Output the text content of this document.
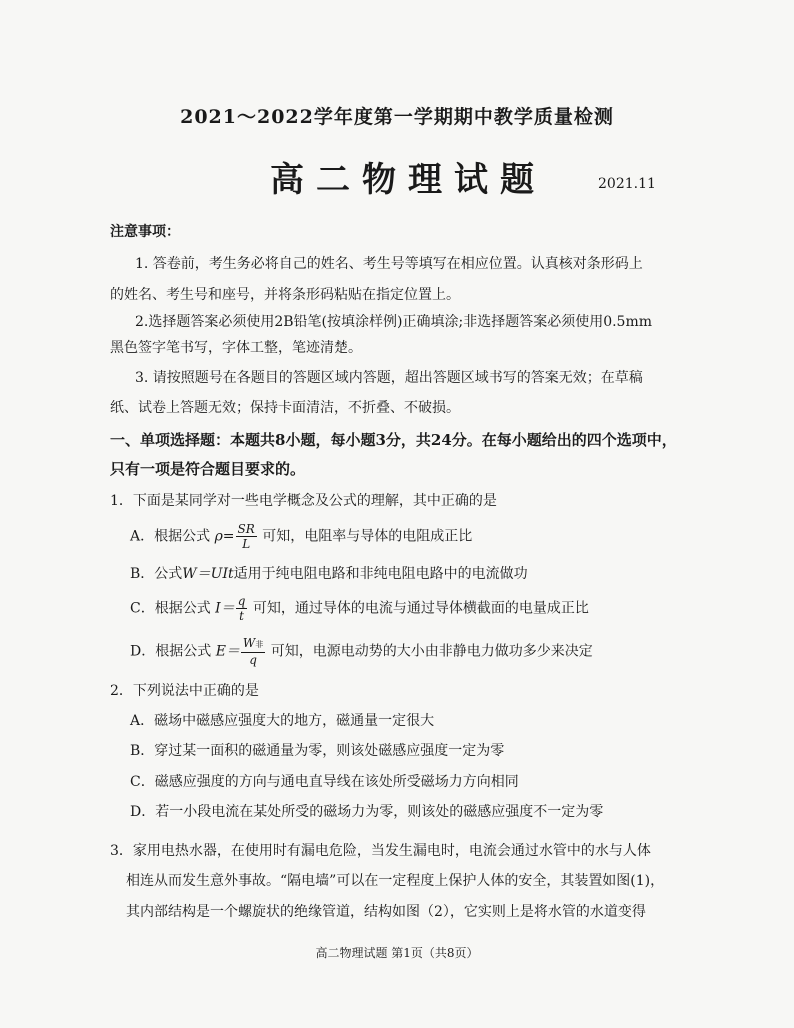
2021～2022学年度第一学期期中教学质量检测
高二物理试题	2021.11
注意事项：
1. 答卷前，考生务必将自己的姓名、考生号等填写在相应位置。认真核对条形码上
的姓名、考生号和座号，并将条形码粘贴在指定位置上。
2.选择题答案必须使用2B铅笔(按填涂样例)正确填涂;非选择题答案必须使用0.5mm
黑色签字笔书写，字体工整，笔迹清楚。
3. 请按照题号在各题目的答题区域内答题，超出答题区域书写的答案无效；在草稿
纸、试卷上答题无效；保持卡面清洁，不折叠、不破损。
一、单项选择题：本题共8小题，每小题3分，共24分。在每小题给出的四个选项中，
只有一项是符合题目要求的。
1．下面是某同学对一些电学概念及公式的理解，其中正确的是
A．根据公式 $\rho= \frac{SR}{L}$ 可知，电阻率与导体的电阻成正比
B．公式W＝UIt适用于纯电阻电路和非纯电阻电路中的电流做功
C．根据公式 $I= \frac{q}{t}$ 可知，通过导体的电流与通过导体横截面的电量成正比
D．根据公式 $E= \frac{\text{W非}}{q}$ 可知，电源电动势的大小由非静电力做功多少来决定
2．下列说法中正确的是
A．磁场中磁感应强度大的地方，磁通量一定很大
B．穿过某一面积的磁通量为零，则该处磁感应强度一定为零
C．磁感应强度的方向与通电直导线在该处所受磁场力方向相同
D．若一小段电流在某处所受的磁场力为零，则该处的磁感应强度不一定为零
3．家用电热水器，在使用时有漏电危险，当发生漏电时，电流会通过水管中的水与人体
相连从而发生意外事故。“隔电墙”可以在一定程度上保护人体的安全，其装置如图(1)，
其内部结构是一个螺旋状的绝缘管道，结构如图（2），它实则上是将水管的水道变得
高二物理试题 第1页（共8页）
